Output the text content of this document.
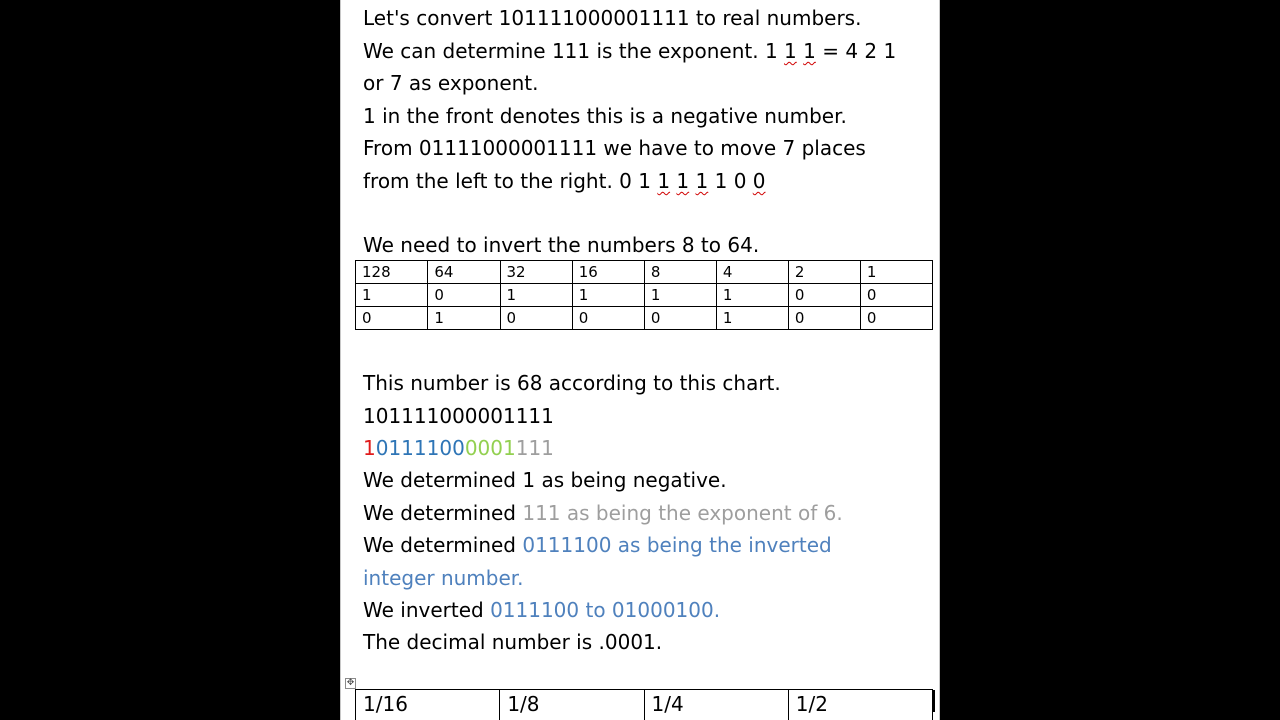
Let's convert 101111000001111 to real numbers.
We can determine 111 is the exponent. 1 1 1 = 4 2 1
or 7 as exponent.
1 in the front denotes this is a negative number.
From 01111000001111 we have to move 7 places
from the left to the right. 0 1 1 1 1 1 0 0
We need to invert the numbers 8 to 64.
128	64	32	16	8	4	2	1
1	0	1	1	1	1	0	0
0	1	0	0	0	1	0	0
This number is 68 according to this chart.
101111000001111
101111000001111
We determined 1 as being negative.
We determined 111 as being the exponent of 6.
We determined 0111100 as being the inverted
integer number.
We inverted 0111100 to 01000100.
The decimal number is .0001.
✥
1/16	1/8	1/4	1/2
